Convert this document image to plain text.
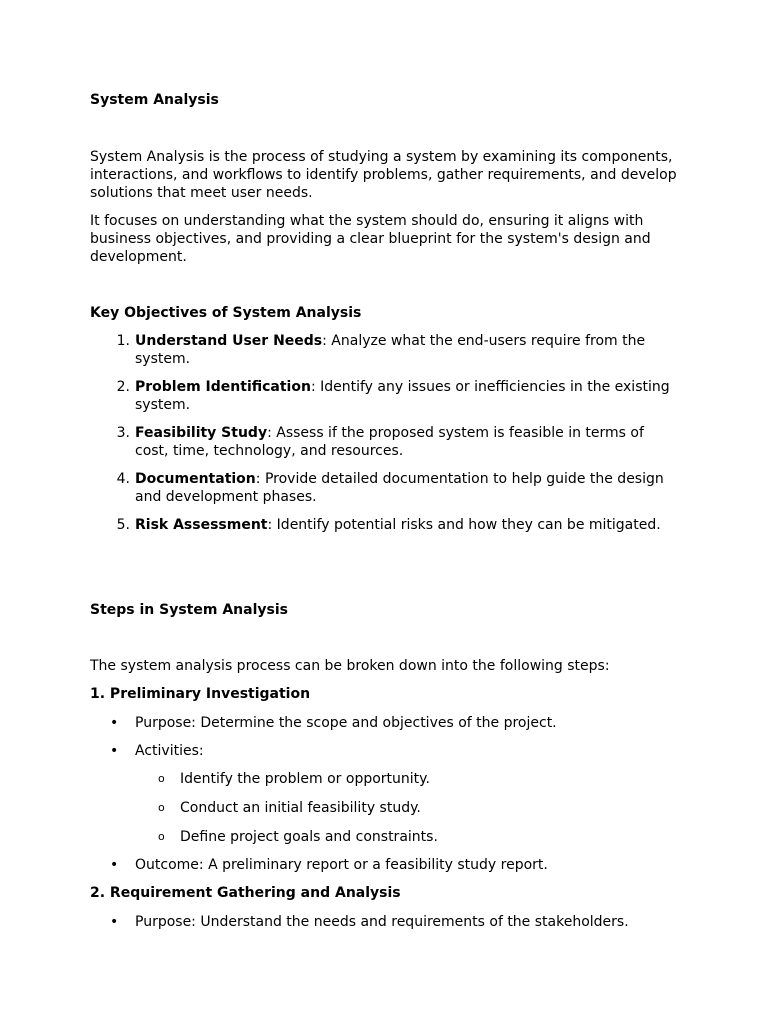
System Analysis

System Analysis is the process of studying a system by examining its components, interactions, and workflows to identify problems, gather requirements, and develop solutions that meet user needs.

It focuses on understanding what the system should do, ensuring it aligns with business objectives, and providing a clear blueprint for the system's design and development.

Key Objectives of System Analysis

1. Understand User Needs: Analyze what the end-users require from the system.
2. Problem Identification: Identify any issues or inefficiencies in the existing system.
3. Feasibility Study: Assess if the proposed system is feasible in terms of cost, time, technology, and resources.
4. Documentation: Provide detailed documentation to help guide the design and development phases.
5. Risk Assessment: Identify potential risks and how they can be mitigated.

Steps in System Analysis

The system analysis process can be broken down into the following steps:

1. Preliminary Investigation

• Purpose: Determine the scope and objectives of the project.
• Activities:
o Identify the problem or opportunity.
o Conduct an initial feasibility study.
o Define project goals and constraints.
• Outcome: A preliminary report or a feasibility study report.

2. Requirement Gathering and Analysis

• Purpose: Understand the needs and requirements of the stakeholders.
